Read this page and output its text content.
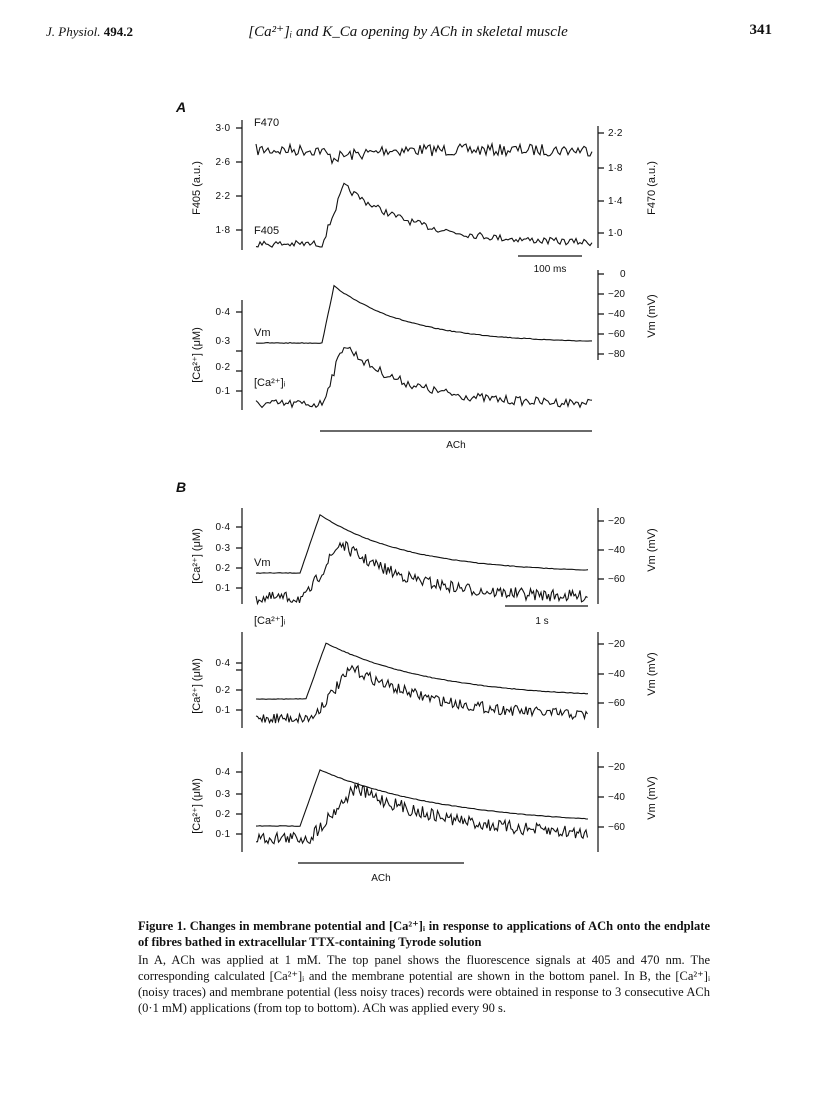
J. Physiol. 494.2	[Ca²⁺]ᵢ and K_Ca opening by ACh in skeletal muscle	341
A
3·0
2·6
2·2
1·8
2·2
1·8
1·4
1·0
F405 (a.u.)	F470 (a.u.)
F470
F405
100 ms
0·4
0·3
0·2
0·1
0
−20
−40
−60
−80
[Ca²⁺] (μM)
Vm (mV)
Vm
[Ca²⁺]ᵢ
ACh
B
0·4
0·3
0·2
0·1
−20
−40
−60
[Ca²⁺] (μM)	Vm (mV)
Vm
[Ca²⁺]ᵢ	1 s
0·4
0·2
0·1
−20
−40
−60
[Ca²⁺] (μM)	Vm (mV)
0·4
0·3
0·2
0·1
−20
−40
−60
[Ca²⁺] (μM)	Vm (mV)
ACh
Figure 1. Changes in membrane potential and [Ca²⁺]ᵢ in response to applications of ACh onto the endplate of fibres bathed in extracellular TTX-containing Tyrode solution
In A, ACh was applied at 1 mM. The top panel shows the fluorescence signals at 405 and 470 nm. The corresponding calculated [Ca²⁺]ᵢ and the membrane potential are shown in the bottom panel. In B, the [Ca²⁺]ᵢ (noisy traces) and membrane potential (less noisy traces) records were obtained in response to 3 consecutive ACh (0·1 mM) applications (from top to bottom). ACh was applied every 90 s.
